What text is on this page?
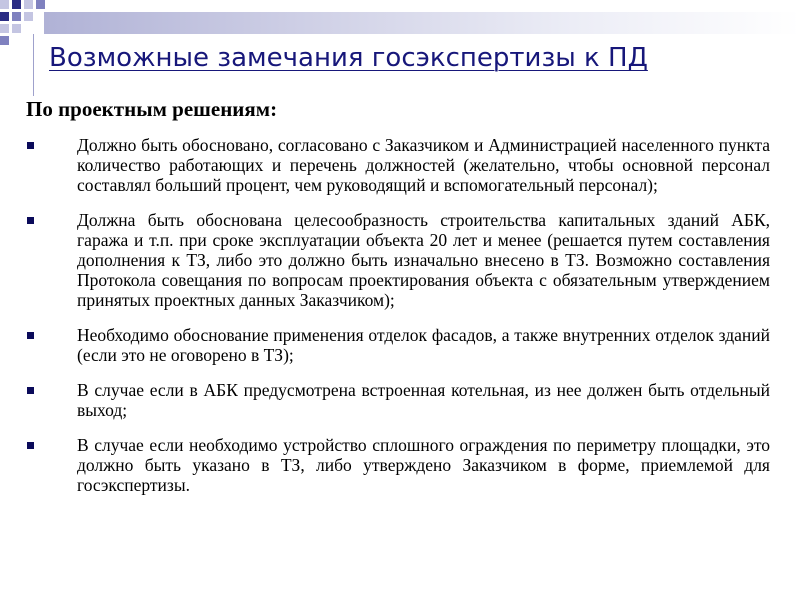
Возможные замечания госэкспертизы к ПД
По проектным решениям:
Должно быть обосновано, согласовано с Заказчиком и Администрацией населенного пункта количество работающих и перечень должностей (желательно, чтобы основной персонал составлял больший процент, чем руководящий и вспомогательный персонал);
Должна быть обоснована целесообразность строительства капитальных зданий АБК, гаража и т.п. при сроке эксплуатации объекта 20 лет и менее (решается путем составления дополнения к ТЗ, либо это должно быть изначально внесено в ТЗ. Возможно составления Протокола совещания по вопросам проектирования объекта с обязательным утверждением принятых проектных данных Заказчиком);
Необходимо обоснование применения отделок фасадов, а также внутренних отделок зданий (если это не оговорено в ТЗ);
В случае если в АБК предусмотрена встроенная котельная, из нее должен быть отдельный выход;
В случае если необходимо устройство сплошного ограждения по периметру площадки, это должно быть указано в ТЗ, либо утверждено Заказчиком в форме, приемлемой для госэкспертизы.
